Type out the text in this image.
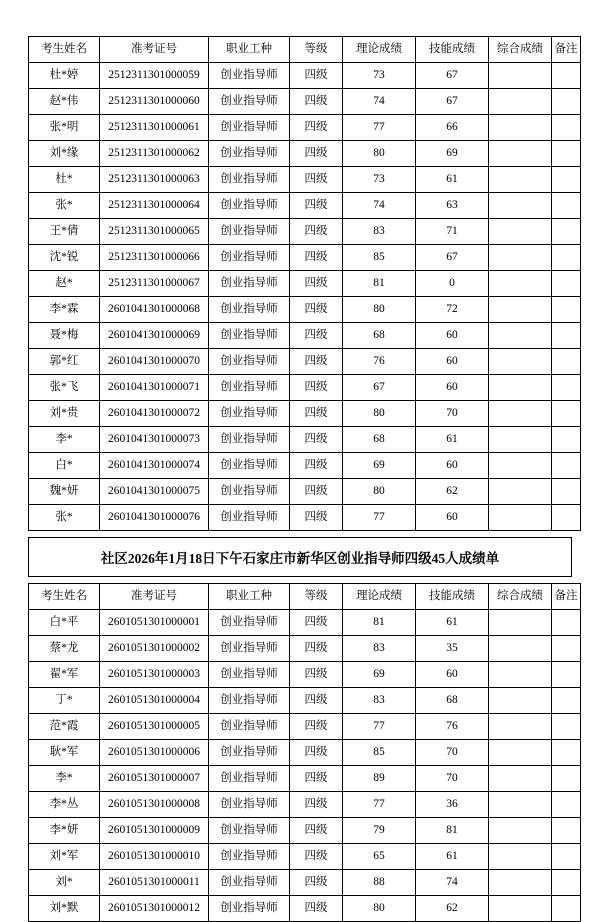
考生姓名	准考证号	职业工种	等级	理论成绩	技能成绩	综合成绩	备注
杜*婷	2512311301000059	创业指导师	四级	73	67		
赵*伟	2512311301000060	创业指导师	四级	74	67		
张*明	2512311301000061	创业指导师	四级	77	66		
刘*缘	2512311301000062	创业指导师	四级	80	69		
杜*	2512311301000063	创业指导师	四级	73	61		
张*	2512311301000064	创业指导师	四级	74	63		
王*倩	2512311301000065	创业指导师	四级	83	71		
沈*锐	2512311301000066	创业指导师	四级	85	67		
赵*	2512311301000067	创业指导师	四级	81	0		
李*霖	2601041301000068	创业指导师	四级	80	72		
聂*梅	2601041301000069	创业指导师	四级	68	60		
郭*红	2601041301000070	创业指导师	四级	76	60		
张*飞	2601041301000071	创业指导师	四级	67	60		
刘*贵	2601041301000072	创业指导师	四级	80	70		
李*	2601041301000073	创业指导师	四级	68	61		
白*	2601041301000074	创业指导师	四级	69	60		
魏*妍	2601041301000075	创业指导师	四级	80	62		
张*	2601041301000076	创业指导师	四级	77	60		
社区2026年1月18日下午石家庄市新华区创业指导师四级45人成绩单
考生姓名	准考证号	职业工种	等级	理论成绩	技能成绩	综合成绩	备注
白*平	2601051301000001	创业指导师	四级	81	61		
蔡*龙	2601051301000002	创业指导师	四级	83	35		
翟*军	2601051301000003	创业指导师	四级	69	60		
丁*	2601051301000004	创业指导师	四级	83	68		
范*霞	2601051301000005	创业指导师	四级	77	76		
耿*军	2601051301000006	创业指导师	四级	85	70		
李*	2601051301000007	创业指导师	四级	89	70		
李*丛	2601051301000008	创业指导师	四级	77	36		
李*妍	2601051301000009	创业指导师	四级	79	81		
刘*军	2601051301000010	创业指导师	四级	65	61		
刘*	2601051301000011	创业指导师	四级	88	74		
刘*默	2601051301000012	创业指导师	四级	80	62		
